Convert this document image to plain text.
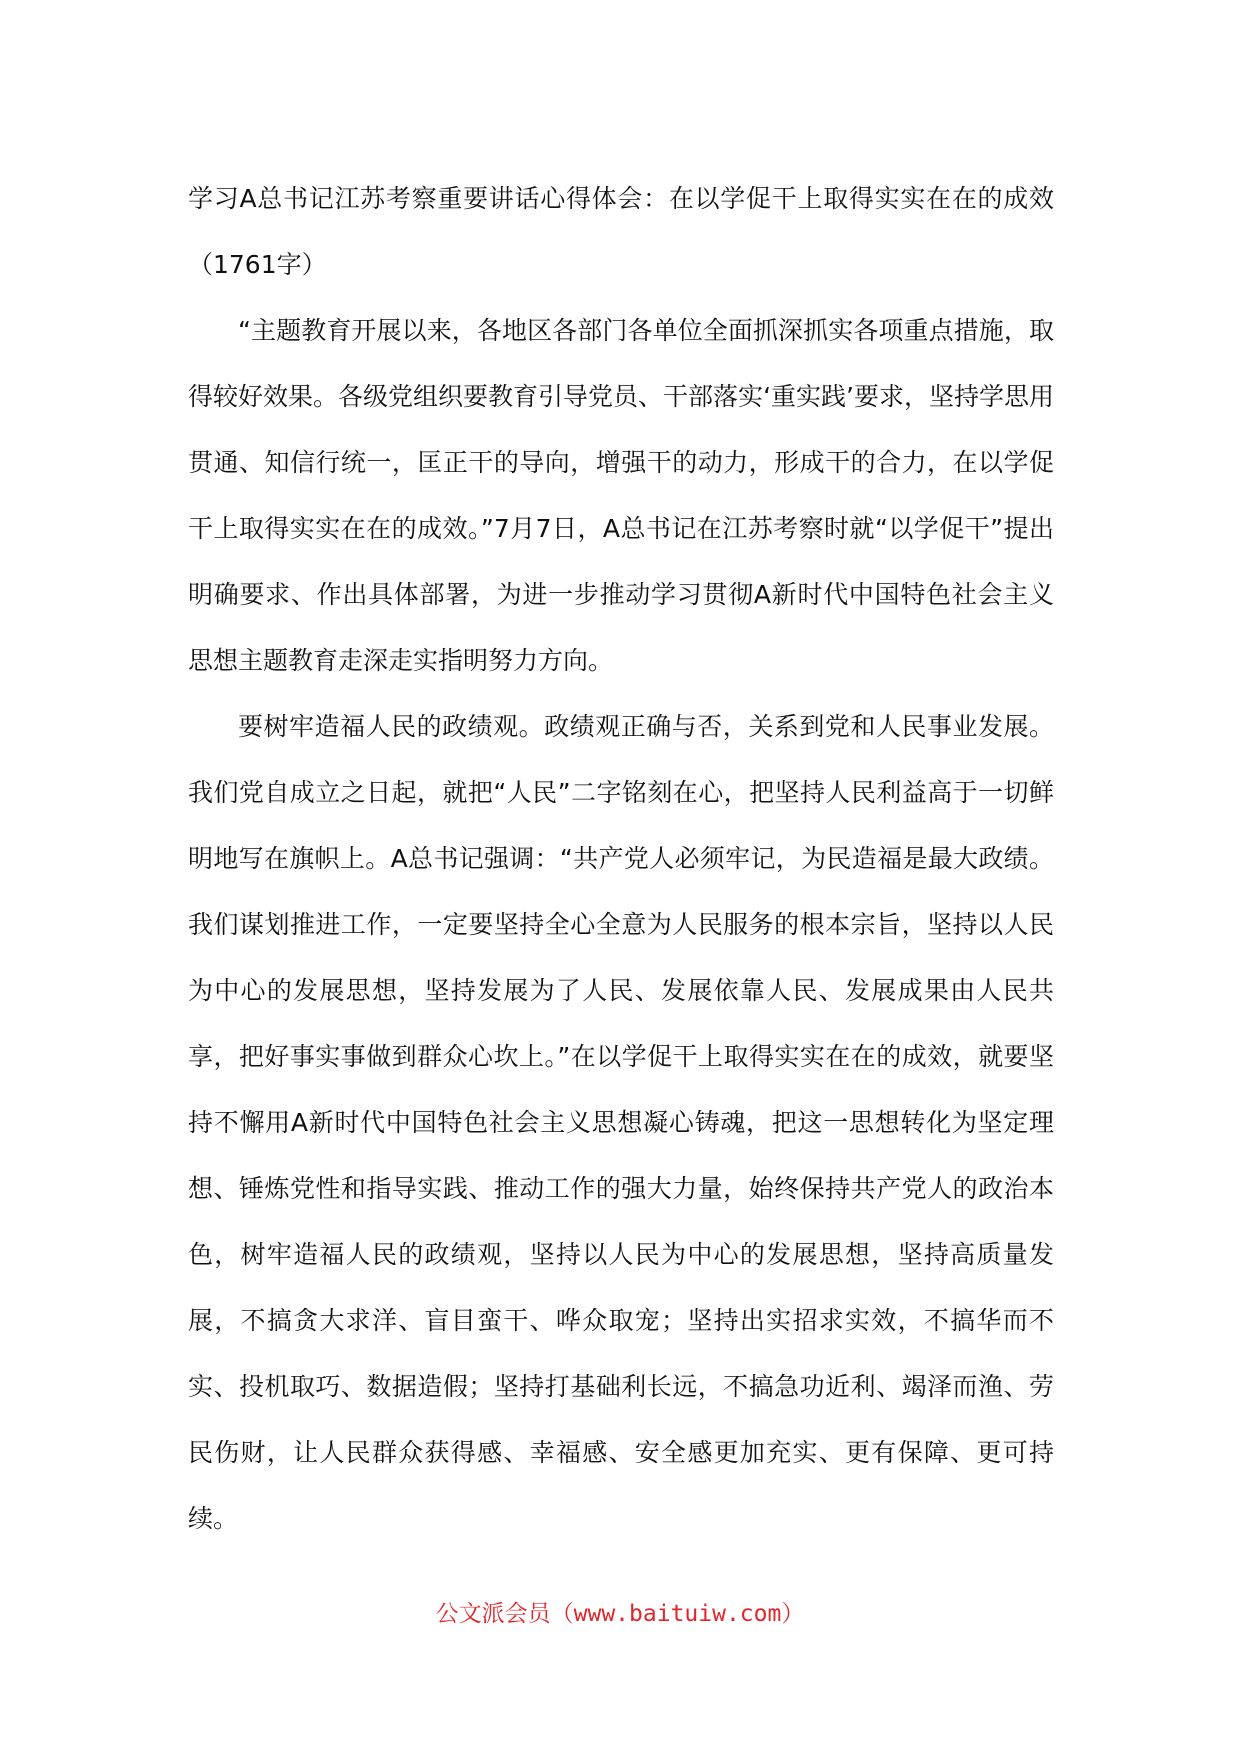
学习A总书记江苏考察重要讲话心得体会：在以学促干上取得实实在在的成效（1761字）

“主题教育开展以来，各地区各部门各单位全面抓深抓实各项重点措施，取得较好效果。各级党组织要教育引导党员、干部落实‘重实践’要求，坚持学思用贯通、知信行统一，匡正干的导向，增强干的动力，形成干的合力，在以学促干上取得实实在在的成效。”7月7日，A总书记在江苏考察时就“以学促干”提出明确要求、作出具体部署，为进一步推动学习贯彻A新时代中国特色社会主义思想主题教育走深走实指明努力方向。

要树牢造福人民的政绩观。政绩观正确与否，关系到党和人民事业发展。我们党自成立之日起，就把“人民”二字铭刻在心，把坚持人民利益高于一切鲜明地写在旗帜上。A总书记强调：“共产党人必须牢记，为民造福是最大政绩。我们谋划推进工作，一定要坚持全心全意为人民服务的根本宗旨，坚持以人民为中心的发展思想，坚持发展为了人民、发展依靠人民、发展成果由人民共享，把好事实事做到群众心坎上。”在以学促干上取得实实在在的成效，就要坚持不懈用A新时代中国特色社会主义思想凝心铸魂，把这一思想转化为坚定理想、锤炼党性和指导实践、推动工作的强大力量，始终保持共产党人的政治本色，树牢造福人民的政绩观，坚持以人民为中心的发展思想，坚持高质量发展，不搞贪大求洋、盲目蛮干、哗众取宠；坚持出实招求实效，不搞华而不实、投机取巧、数据造假；坚持打基础利长远，不搞急功近利、竭泽而渔、劳民伤财，让人民群众获得感、幸福感、安全感更加充实、更有保障、更可持续。

公文派会员（www.baituiw.com）
